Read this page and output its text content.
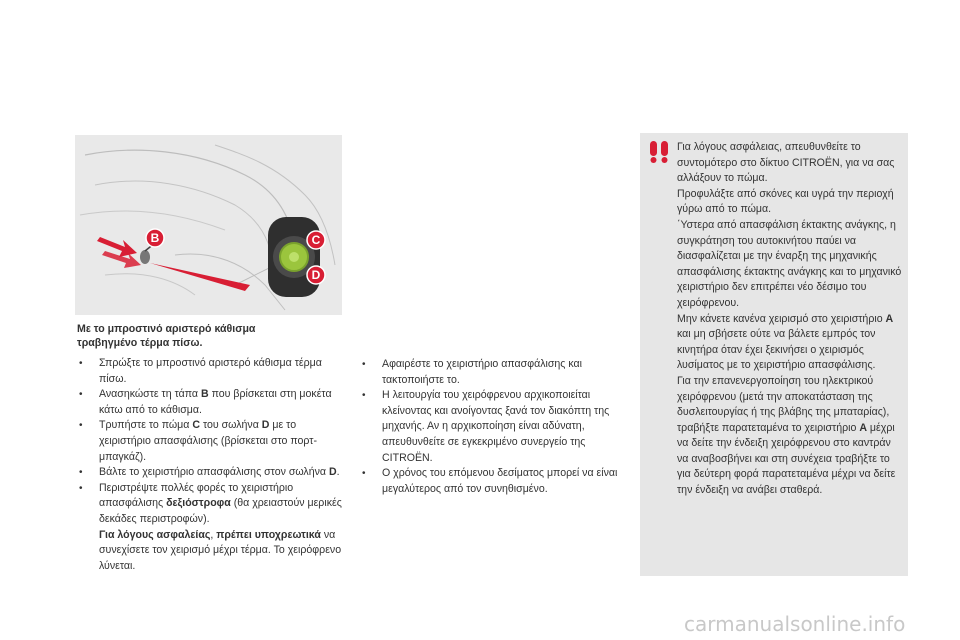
B	C
D

Με το μπροστινό αριστερό κάθισμα
τραβηγμένο τέρμα πίσω.

• Σπρώξτε το μπροστινό αριστερό κάθισμα τέρμα πίσω.
• Ανασηκώστε τη τάπα B που βρίσκεται στη μοκέτα κάτω από το κάθισμα.
• Τρυπήστε το πώμα C του σωλήνα D με το χειριστήριο απασφάλισης (βρίσκεται στο πορτ-μπαγκάζ).
• Βάλτε το χειριστήριο απασφάλισης στον σωλήνα D.
• Περιστρέψτε πολλές φορές το χειριστήριο απασφάλισης δεξιόστροφα (θα χρειαστούν μερικές δεκάδες περιστροφών).
Για λόγους ασφαλείας, πρέπει υποχρεωτικά να συνεχίσετε τον χειρισμό μέχρι τέρμα. Το χειρόφρενο λύνεται.
• Αφαιρέστε το χειριστήριο απασφάλισης και τακτοποιήστε το.
• Η λειτουργία του χειρόφρενου αρχικοποιείται κλείνοντας και ανοίγοντας ξανά τον διακόπτη της μηχανής. Αν η αρχικοποίηση είναι αδύνατη, απευθυνθείτε σε εγκεκριμένο συνεργείο της CITROËN.
• Ο χρόνος του επόμενου δεσίματος μπορεί να είναι μεγαλύτερος από τον συνηθισμένο.
Για λόγους ασφάλειας, απευθυνθείτε το συντομότερο στο δίκτυο CITROËN, για να σας αλλάξουν το πώμα.
Προφυλάξτε από σκόνες και υγρά την περιοχή γύρω από το πώμα.
΄Υστερα από απασφάλιση έκτακτης ανάγκης, η συγκράτηση του αυτοκινήτου παύει να διασφαλίζεται με την έναρξη της μηχανικής απασφάλισης έκτακτης ανάγκης και το μηχανικό χειριστήριο δεν επιτρέπει νέο δέσιμο του χειρόφρενου.
Μην κάνετε κανένα χειρισμό στο χειριστήριο A και μη σβήσετε ούτε να βάλετε εμπρός τον κινητήρα όταν έχει ξεκινήσει ο χειρισμός λυσίματος με το χειριστήριο απασφάλισης.
Για την επανενεργοποίηση του ηλεκτρικού χειρόφρενου (μετά την αποκατάσταση της δυσλειτουργίας ή της βλάβης της μπαταρίας), τραβήξτε παρατεταμένα το χειριστήριο A μέχρι να δείτε την ένδειξη χειρόφρενου στο καντράν να αναβοσβήνει και στη συνέχεια τραβήξτε το για δεύτερη φορά παρατεταμένα μέχρι να δείτε την ένδειξη να ανάβει σταθερά.
carmanualsonline.info
